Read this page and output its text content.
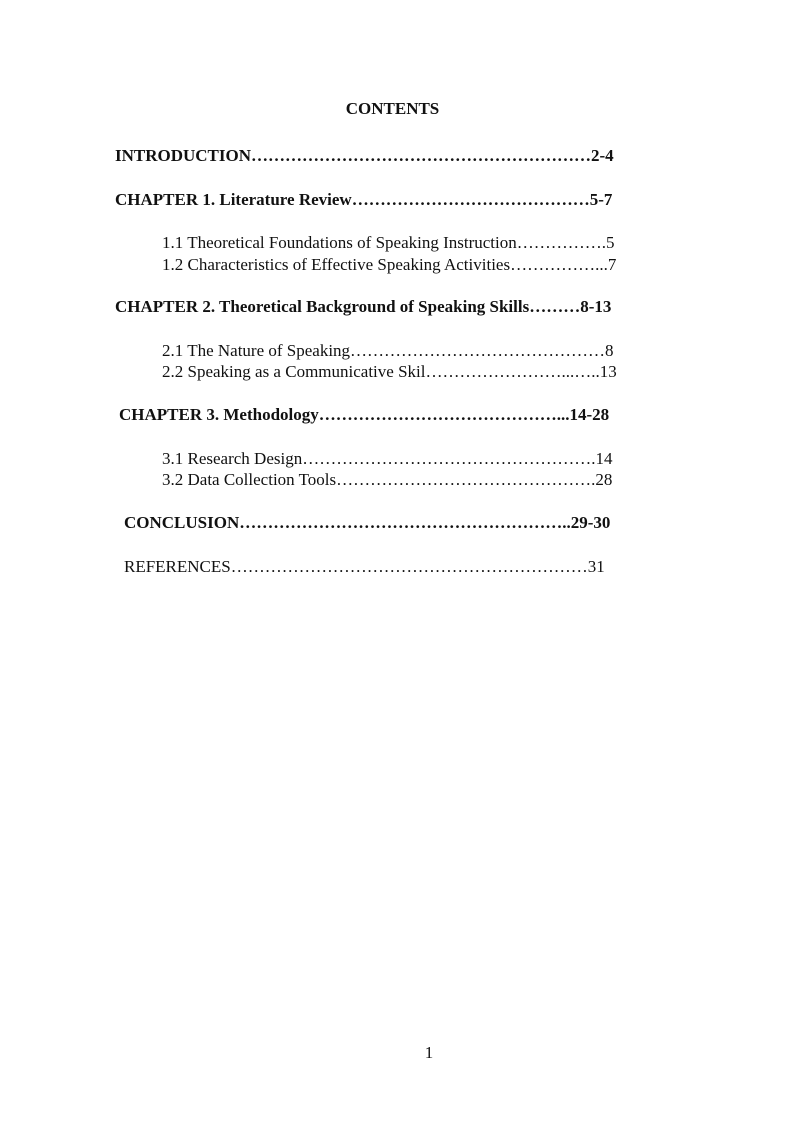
CONTENTS
INTRODUCTION……………………………………………………2-4
CHAPTER 1. Literature Review……………………………………5-7
1.1 Theoretical Foundations of Speaking Instruction…………….5
1.2 Characteristics of Effective Speaking Activities……………...7
CHAPTER 2. Theoretical Background of Speaking Skills………8-13
2.1 The Nature of Speaking………………………………………8
2.2 Speaking as a Communicative Skil……………………...…..13
CHAPTER 3. Methodology……………………………………...14-28
3.1 Research Design…………………………………………….14
3.2 Data Collection Tools……………………………………….28
CONCLUSION…………………………………………………..29-30
REFERENCES………………………………………………………31
1
